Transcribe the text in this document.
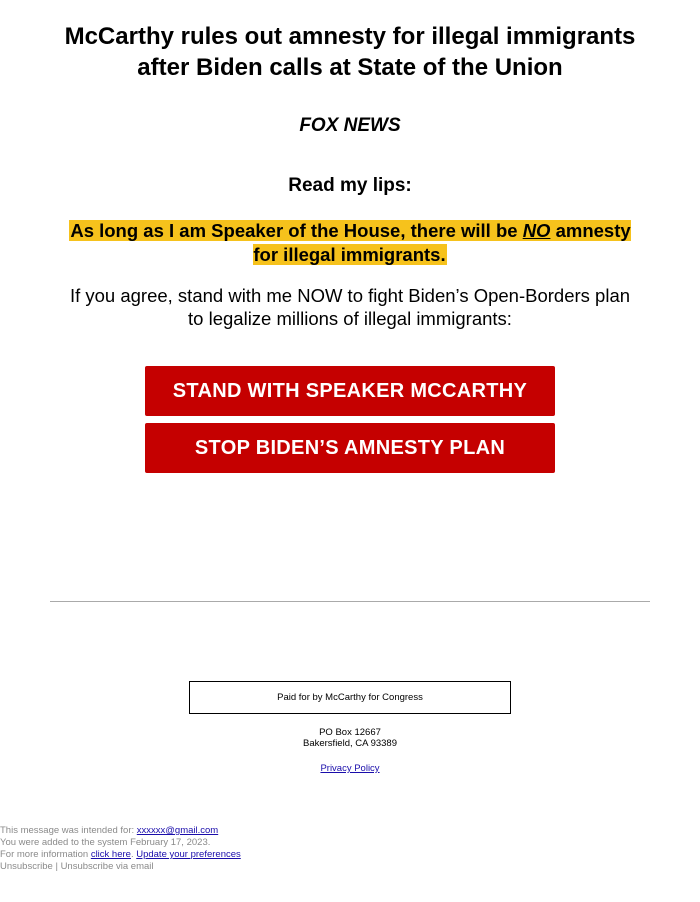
McCarthy rules out amnesty for illegal immigrants after Biden calls at State of the Union
FOX NEWS
Read my lips:
As long as I am Speaker of the House, there will be NO amnesty for illegal immigrants.
If you agree, stand with me NOW to fight Biden’s Open-Borders plan to legalize millions of illegal immigrants:
STAND WITH SPEAKER MCCARTHY
STOP BIDEN’S AMNESTY PLAN
Paid for by McCarthy for Congress
PO Box 12667
Bakersfield, CA 93389
Privacy Policy
This message was intended for: xxxxxx@gmail.com
You were added to the system February 17, 2023.
For more information click here. Update your preferences
Unsubscribe | Unsubscribe via email
